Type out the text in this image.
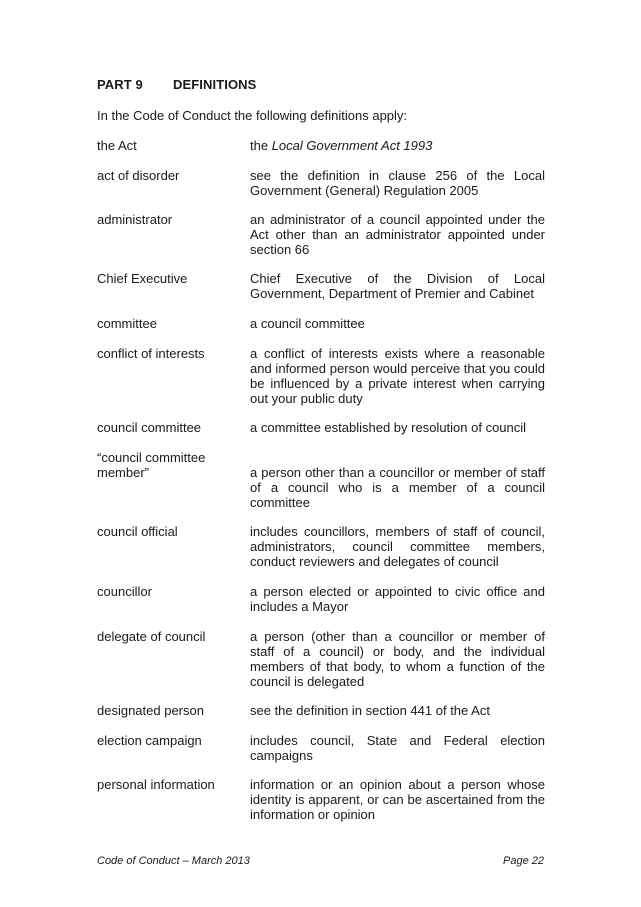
PART 9 DEFINITIONS
In the Code of Conduct the following definitions apply:
the Act	the Local Government Act 1993
act of disorder	see the definition in clause 256 of the Local Government (General) Regulation 2005
administrator	an administrator of a council appointed under the Act other than an administrator appointed under section 66
Chief Executive	Chief Executive of the Division of Local Government, Department of Premier and Cabinet
committee	a council committee
conflict of interests	a conflict of interests exists where a reasonable and informed person would perceive that you could be influenced by a private interest when carrying out your public duty
council committee	a committee established by resolution of council
“council committee member”	a person other than a councillor or member of staff of a council who is a member of a council committee
council official	includes councillors, members of staff of council, administrators, council committee members, conduct reviewers and delegates of council
councillor	a person elected or appointed to civic office and includes a Mayor
delegate of council	a person (other than a councillor or member of staff of a council) or body, and the individual members of that body, to whom a function of the council is delegated
designated person	see the definition in section 441 of the Act
election campaign	includes council, State and Federal election campaigns
personal information	information or an opinion about a person whose identity is apparent, or can be ascertained from the information or opinion
Code of Conduct – March 2013	Page 22
